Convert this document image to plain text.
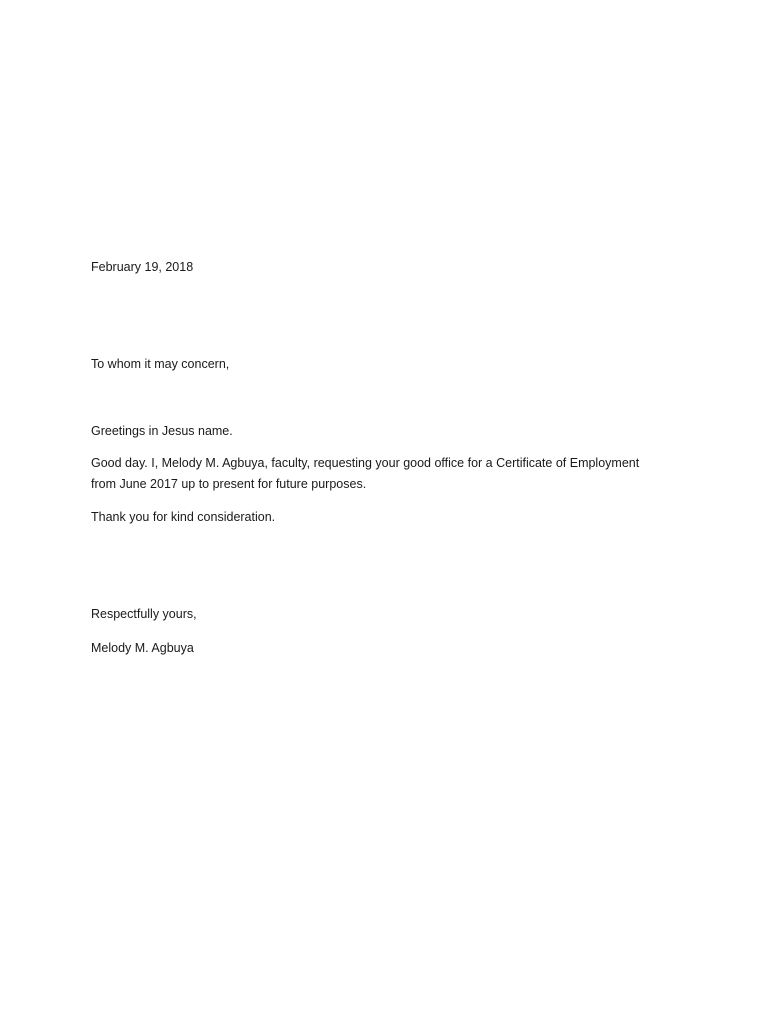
February 19, 2018
To whom it may concern,
Greetings in Jesus name.
Good day. I, Melody M. Agbuya, faculty, requesting your good office for a Certificate of Employment
from June 2017 up to present for future purposes.
Thank you for kind consideration.
Respectfully yours,
Melody M. Agbuya
